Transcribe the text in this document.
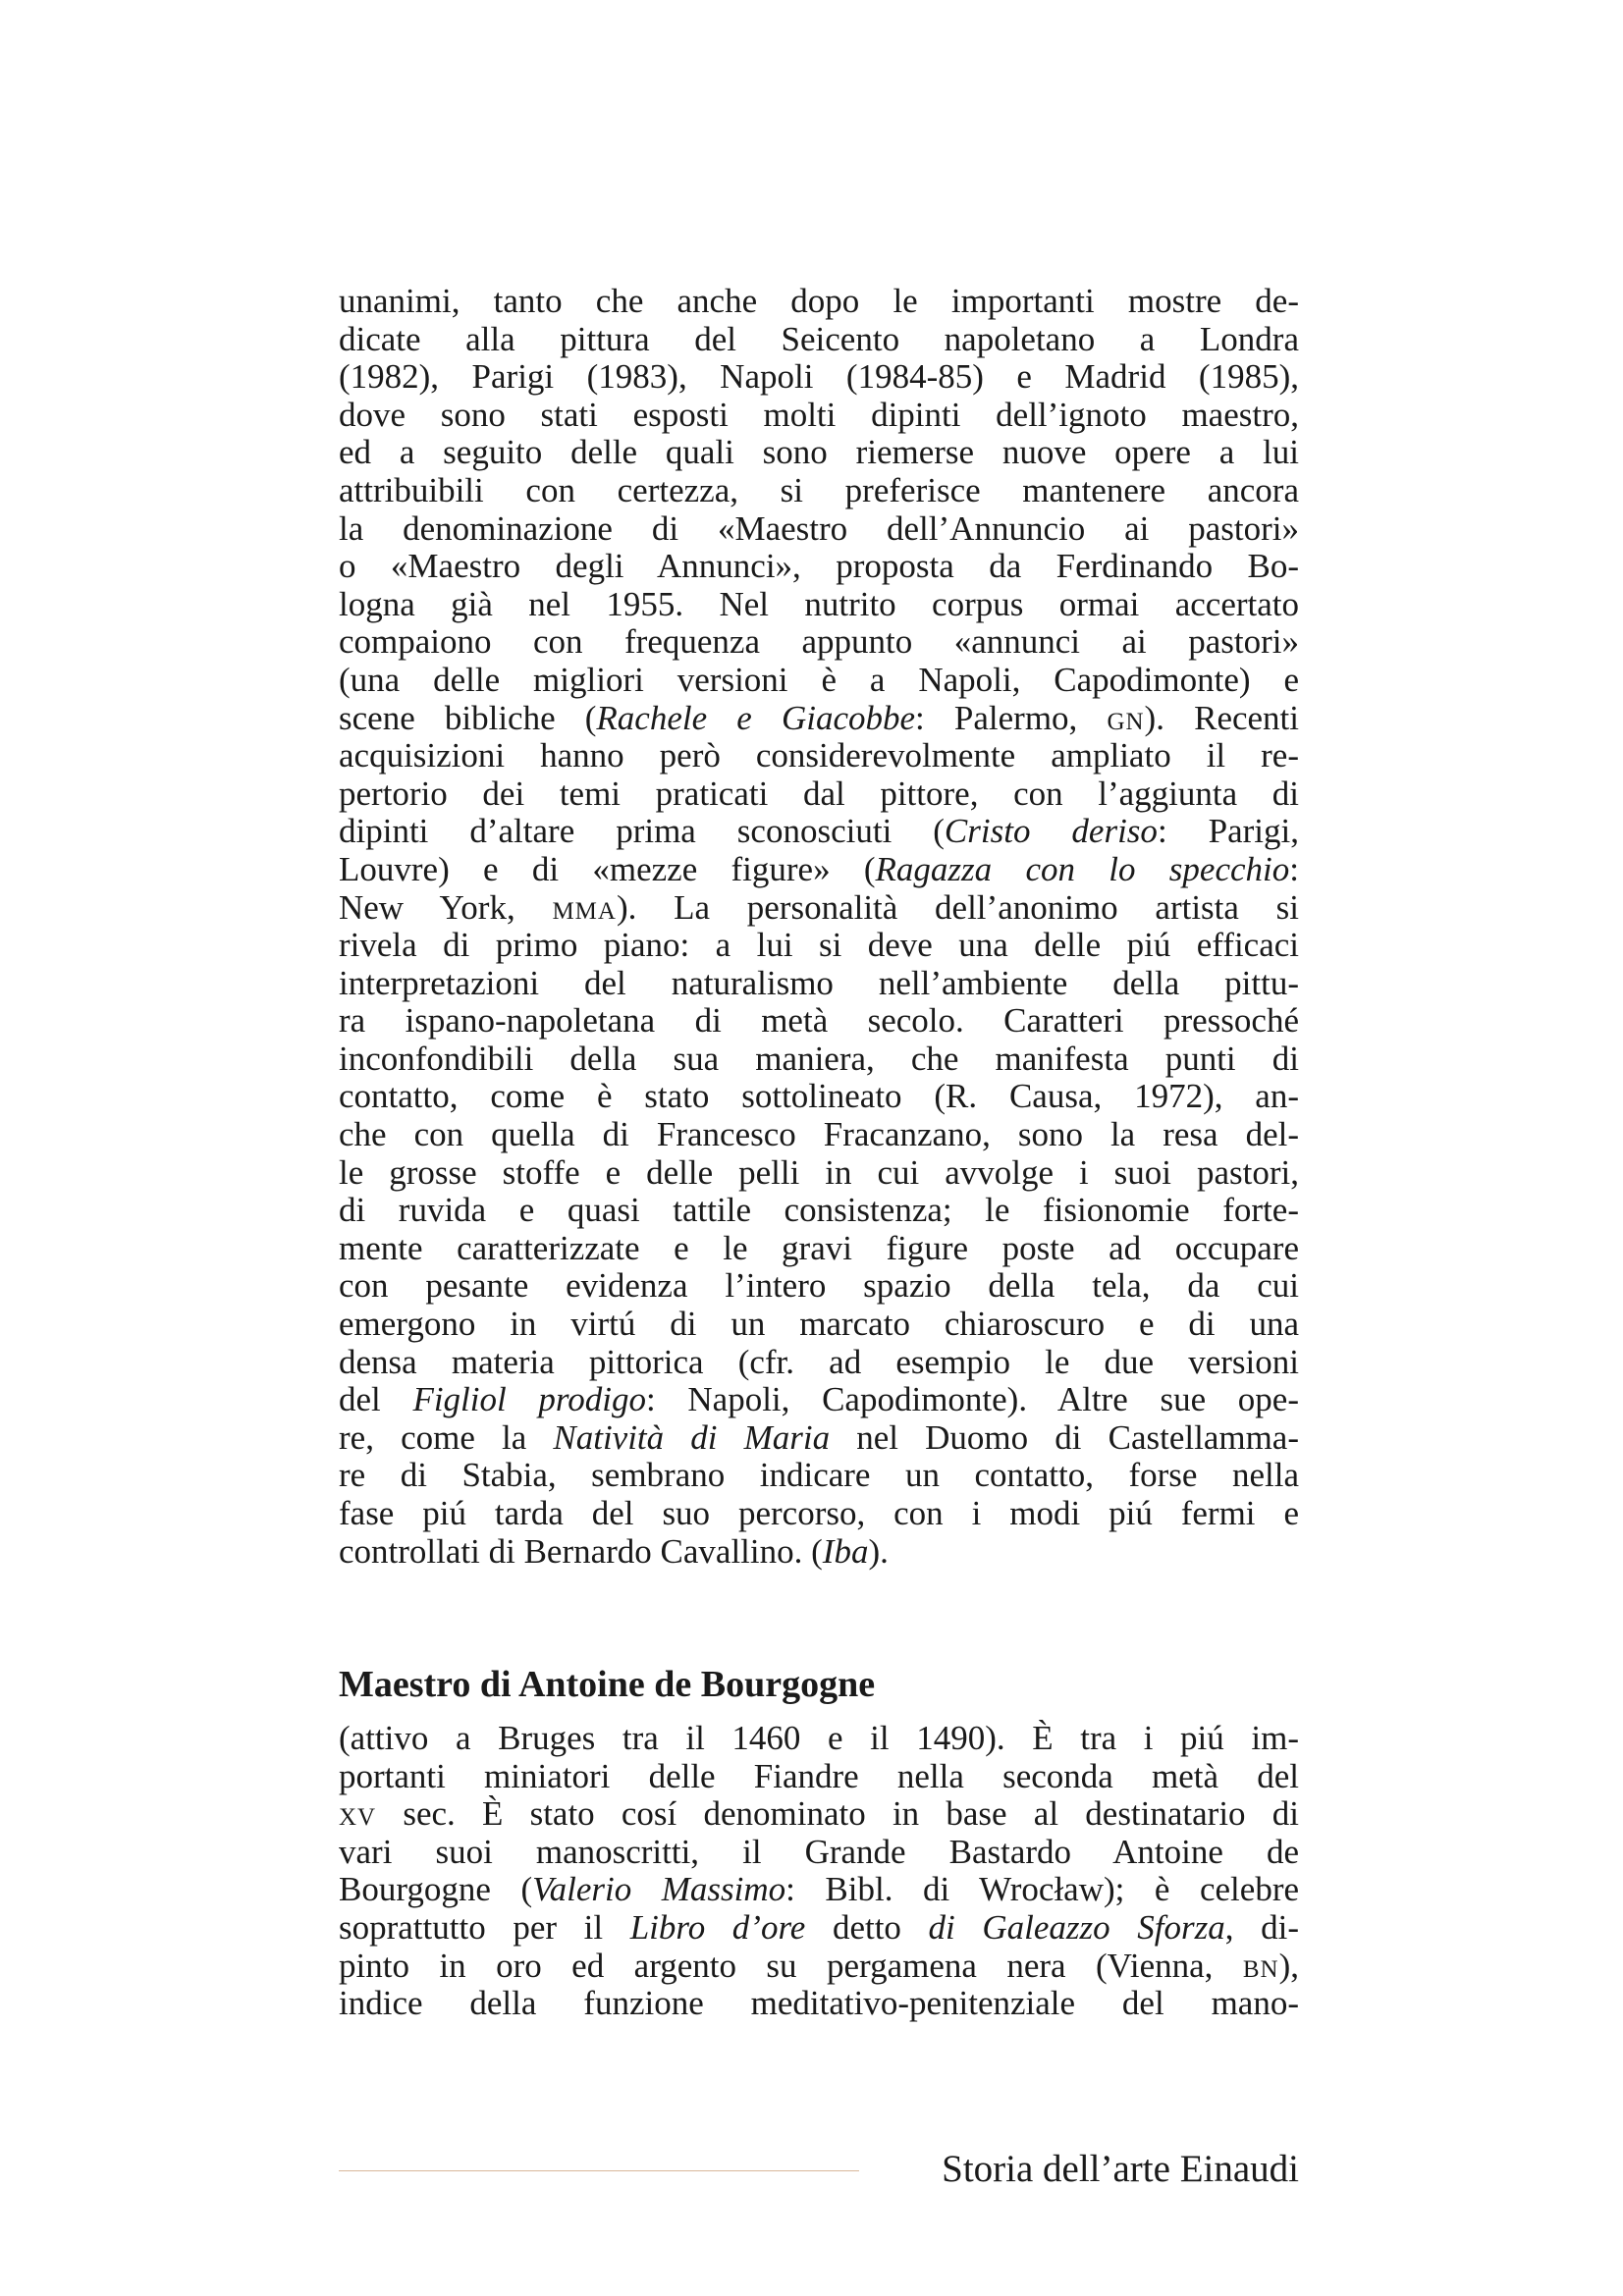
unanimi, tanto che anche dopo le importanti mostre de-
dicate alla pittura del Seicento napoletano a Londra
(1982), Parigi (1983), Napoli (1984-85) e Madrid (1985),
dove sono stati esposti molti dipinti dell’ignoto maestro,
ed a seguito delle quali sono riemerse nuove opere a lui
attribuibili con certezza, si preferisce mantenere ancora
la denominazione di «Maestro dell’Annuncio ai pastori»
o «Maestro degli Annunci», proposta da Ferdinando Bo-
logna già nel 1955. Nel nutrito corpus ormai accertato
compaiono con frequenza appunto «annunci ai pastori»
(una delle migliori versioni è a Napoli, Capodimonte) e
scene bibliche (Rachele e Giacobbe: Palermo, gn). Recenti
acquisizioni hanno però considerevolmente ampliato il re-
pertorio dei temi praticati dal pittore, con l’aggiunta di
dipinti d’altare prima sconosciuti (Cristo deriso: Parigi,
Louvre) e di «mezze figure» (Ragazza con lo specchio:
New York, mma). La personalità dell’anonimo artista si
rivela di primo piano: a lui si deve una delle piú efficaci
interpretazioni del naturalismo nell’ambiente della pittu-
ra ispano-napoletana di metà secolo. Caratteri pressoché
inconfondibili della sua maniera, che manifesta punti di
contatto, come è stato sottolineato (R. Causa, 1972), an-
che con quella di Francesco Fracanzano, sono la resa del-
le grosse stoffe e delle pelli in cui avvolge i suoi pastori,
di ruvida e quasi tattile consistenza; le fisionomie forte-
mente caratterizzate e le gravi figure poste ad occupare
con pesante evidenza l’intero spazio della tela, da cui
emergono in virtú di un marcato chiaroscuro e di una
densa materia pittorica (cfr. ad esempio le due versioni
del Figliol prodigo: Napoli, Capodimonte). Altre sue ope-
re, come la Natività di Maria nel Duomo di Castellamma-
re di Stabia, sembrano indicare un contatto, forse nella
fase piú tarda del suo percorso, con i modi piú fermi e
controllati di Bernardo Cavallino. (Iba).
Maestro di Antoine de Bourgogne
(attivo a Bruges tra il 1460 e il 1490). È tra i piú im-
portanti miniatori delle Fiandre nella seconda metà del
xv sec. È stato cosí denominato in base al destinatario di
vari suoi manoscritti, il Grande Bastardo Antoine de
Bourgogne (Valerio Massimo: Bibl. di Wrocław); è celebre
soprattutto per il Libro d’ore detto di Galeazzo Sforza, di-
pinto in oro ed argento su pergamena nera (Vienna, bn),
indice della funzione meditativo-penitenziale del mano-
Storia dell’arte Einaudi
